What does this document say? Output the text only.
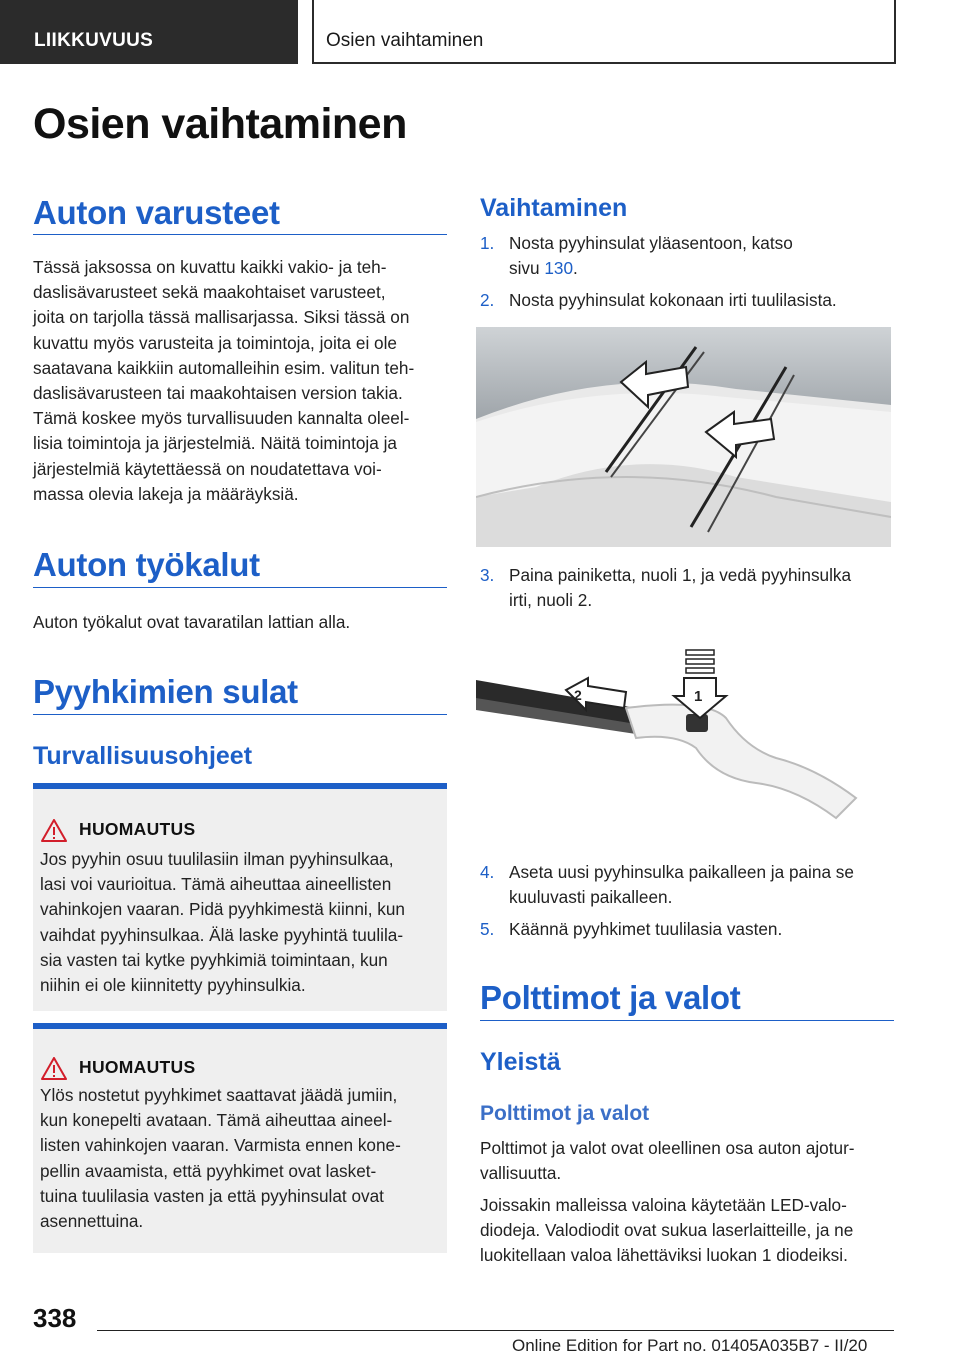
LIIKKUVUUS	Osien vaihtaminen
Osien vaihtaminen
Auton varusteet
Tässä jaksossa on kuvattu kaikki vakio- ja teh-
daslisävarusteet sekä maakohtaiset varusteet,
joita on tarjolla tässä mallisarjassa. Siksi tässä on
kuvattu myös varusteita ja toimintoja, joita ei ole
saatavana kaikkiin automalleihin esim. valitun teh-
daslisävarusteen tai maakohtaisen version takia.
Tämä koskee myös turvallisuuden kannalta oleel-
lisia toimintoja ja järjestelmiä. Näitä toimintoja ja
järjestelmiä käytettäessä on noudatettava voi-
massa olevia lakeja ja määräyksiä.
Auton työkalut
Auton työkalut ovat tavaratilan lattian alla.
Pyyhkimien sulat
Turvallisuusohjeet
HUOMAUTUS
Jos pyyhin osuu tuulilasiin ilman pyyhinsulkaa,
lasi voi vaurioitua. Tämä aiheuttaa aineellisten
vahinkojen vaaran. Pidä pyyhkimestä kiinni, kun
vaihdat pyyhinsulkaa. Älä laske pyyhintä tuulila-
sia vasten tai kytke pyyhkimiä toimintaan, kun
niihin ei ole kiinnitetty pyyhinsulkia.
HUOMAUTUS
Ylös nostetut pyyhkimet saattavat jäädä jumiin,
kun konepelti avataan. Tämä aiheuttaa aineel-
listen vahinkojen vaaran. Varmista ennen kone-
pellin avaamista, että pyyhkimet ovat lasket-
tuina tuulilasia vasten ja että pyyhinsulat ovat
asennettuina.
Vaihtaminen
1. Nosta pyyhinsulat yläasentoon, katso
sivu 130.
2. Nosta pyyhinsulat kokonaan irti tuulilasista.
3. Paina painiketta, nuoli 1, ja vedä pyyhinsulka
irti, nuoli 2.
2	1
4. Aseta uusi pyyhinsulka paikalleen ja paina se
kuuluvasti paikalleen.
5. Käännä pyyhkimet tuulilasia vasten.
Polttimot ja valot
Yleistä
Polttimot ja valot
Polttimot ja valot ovat oleellinen osa auton ajotur-
vallisuutta.
Joissakin malleissa valoina käytetään LED-valo-
diodeja. Valodiodit ovat sukua laserlaitteille, ja ne
luokitellaan valoa lähettäviksi luokan 1 diodeiksi.
338
Online Edition for Part no. 01405A035B7 - II/20
